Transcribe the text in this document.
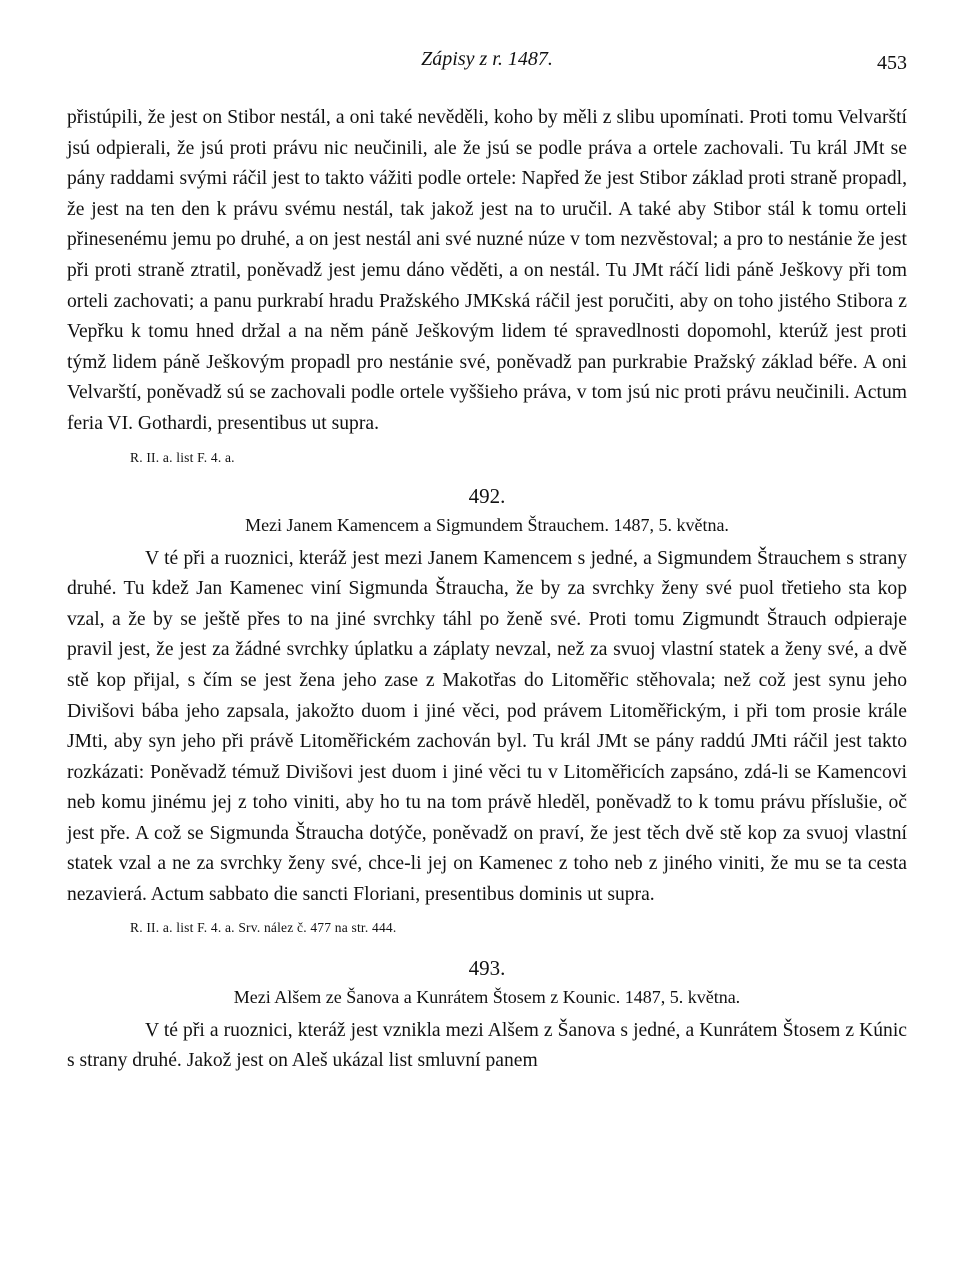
Zápisy z r. 1487.	453

přistúpili, že jest on Stibor nestál, a oni také nevěděli, koho by měli z slibu upomínati. Proti tomu Velvarští jsú odpierali, že jsú proti právu nic neučinili, ale že jsú se podle práva a ortele zachovali. Tu král JMt se pány raddami svými ráčil jest to takto vážiti podle ortele: Napřed že jest Stibor základ proti straně propadl, že jest na ten den k právu svému nestál, tak jakož jest na to uručil. A také aby Stibor stál k tomu orteli přinesenému jemu po druhé, a on jest nestál ani své nuzné núze v tom nezvěstoval; a pro to nestánie že jest při proti straně ztratil, poněvadž jest jemu dáno věděti, a on nestál. Tu JMt ráčí lidi páně Ješkovy při tom orteli zachovati; a panu purkrabí hradu Pražského JMKská ráčil jest poručiti, aby on toho jistého Stibora z Vepřku k tomu hned držal a na něm páně Ješkovým lidem té spravedlnosti dopomohl, kterúž jest proti týmž lidem páně Ješkovým propadl pro nestánie své, poněvadž pan purkrabie Pražský základ béře. A oni Velvarští, poněvadž sú se zachovali podle ortele vyššieho práva, v tom jsú nic proti právu neučinili. Actum feria VI. Gothardi, presentibus ut supra.

R. II. a. list F. 4. a.
492.
Mezi Janem Kamencem a Sigmundem Štrauchem. 1487, 5. května.

V té při a ruoznici, kteráž jest mezi Janem Kamencem s jedné, a Sigmundem Štrauchem s strany druhé. Tu kdež Jan Kamenec viní Sigmunda Štraucha, že by za svrchky ženy své puol třetieho sta kop vzal, a že by se ještě přes to na jiné svrchky táhl po ženě své. Proti tomu Zigmundt Štrauch odpieraje pravil jest, že jest za žádné svrchky úplatku a záplaty nevzal, než za svuoj vlastní statek a ženy své, a dvě stě kop přijal, s čím se jest žena jeho zase z Makotřas do Litoměřic stěhovala; než což jest synu jeho Divišovi bába jeho zapsala, jakožto duom i jiné věci, pod právem Litoměřickým, i při tom prosie krále JMti, aby syn jeho při právě Litoměřickém zachován byl. Tu král JMt se pány raddú JMti ráčil jest takto rozkázati: Poněvadž témuž Divišovi jest duom i jiné věci tu v Litoměřicích zapsáno, zdá-li se Kamencovi neb komu jinému jej z toho viniti, aby ho tu na tom právě hleděl, poněvadž to k tomu právu příslušie, oč jest pře. A což se Sigmunda Štraucha dotýče, poněvadž on praví, že jest těch dvě stě kop za svuoj vlastní statek vzal a ne za svrchky ženy své, chce-li jej on Kamenec z toho neb z jiného viniti, že mu se ta cesta nezavierá. Actum sabbato die sancti Floriani, presentibus dominis ut supra.

R. II. a. list F. 4. a. Srv. nález č. 477 na str. 444.
493.
Mezi Alšem ze Šanova a Kunrátem Štosem z Kounic. 1487, 5. května.

V té při a ruoznici, kteráž jest vznikla mezi Alšem z Šanova s jedné, a Kunrátem Štosem z Kúnic s strany druhé. Jakož jest on Aleš ukázal list smluvní panem
